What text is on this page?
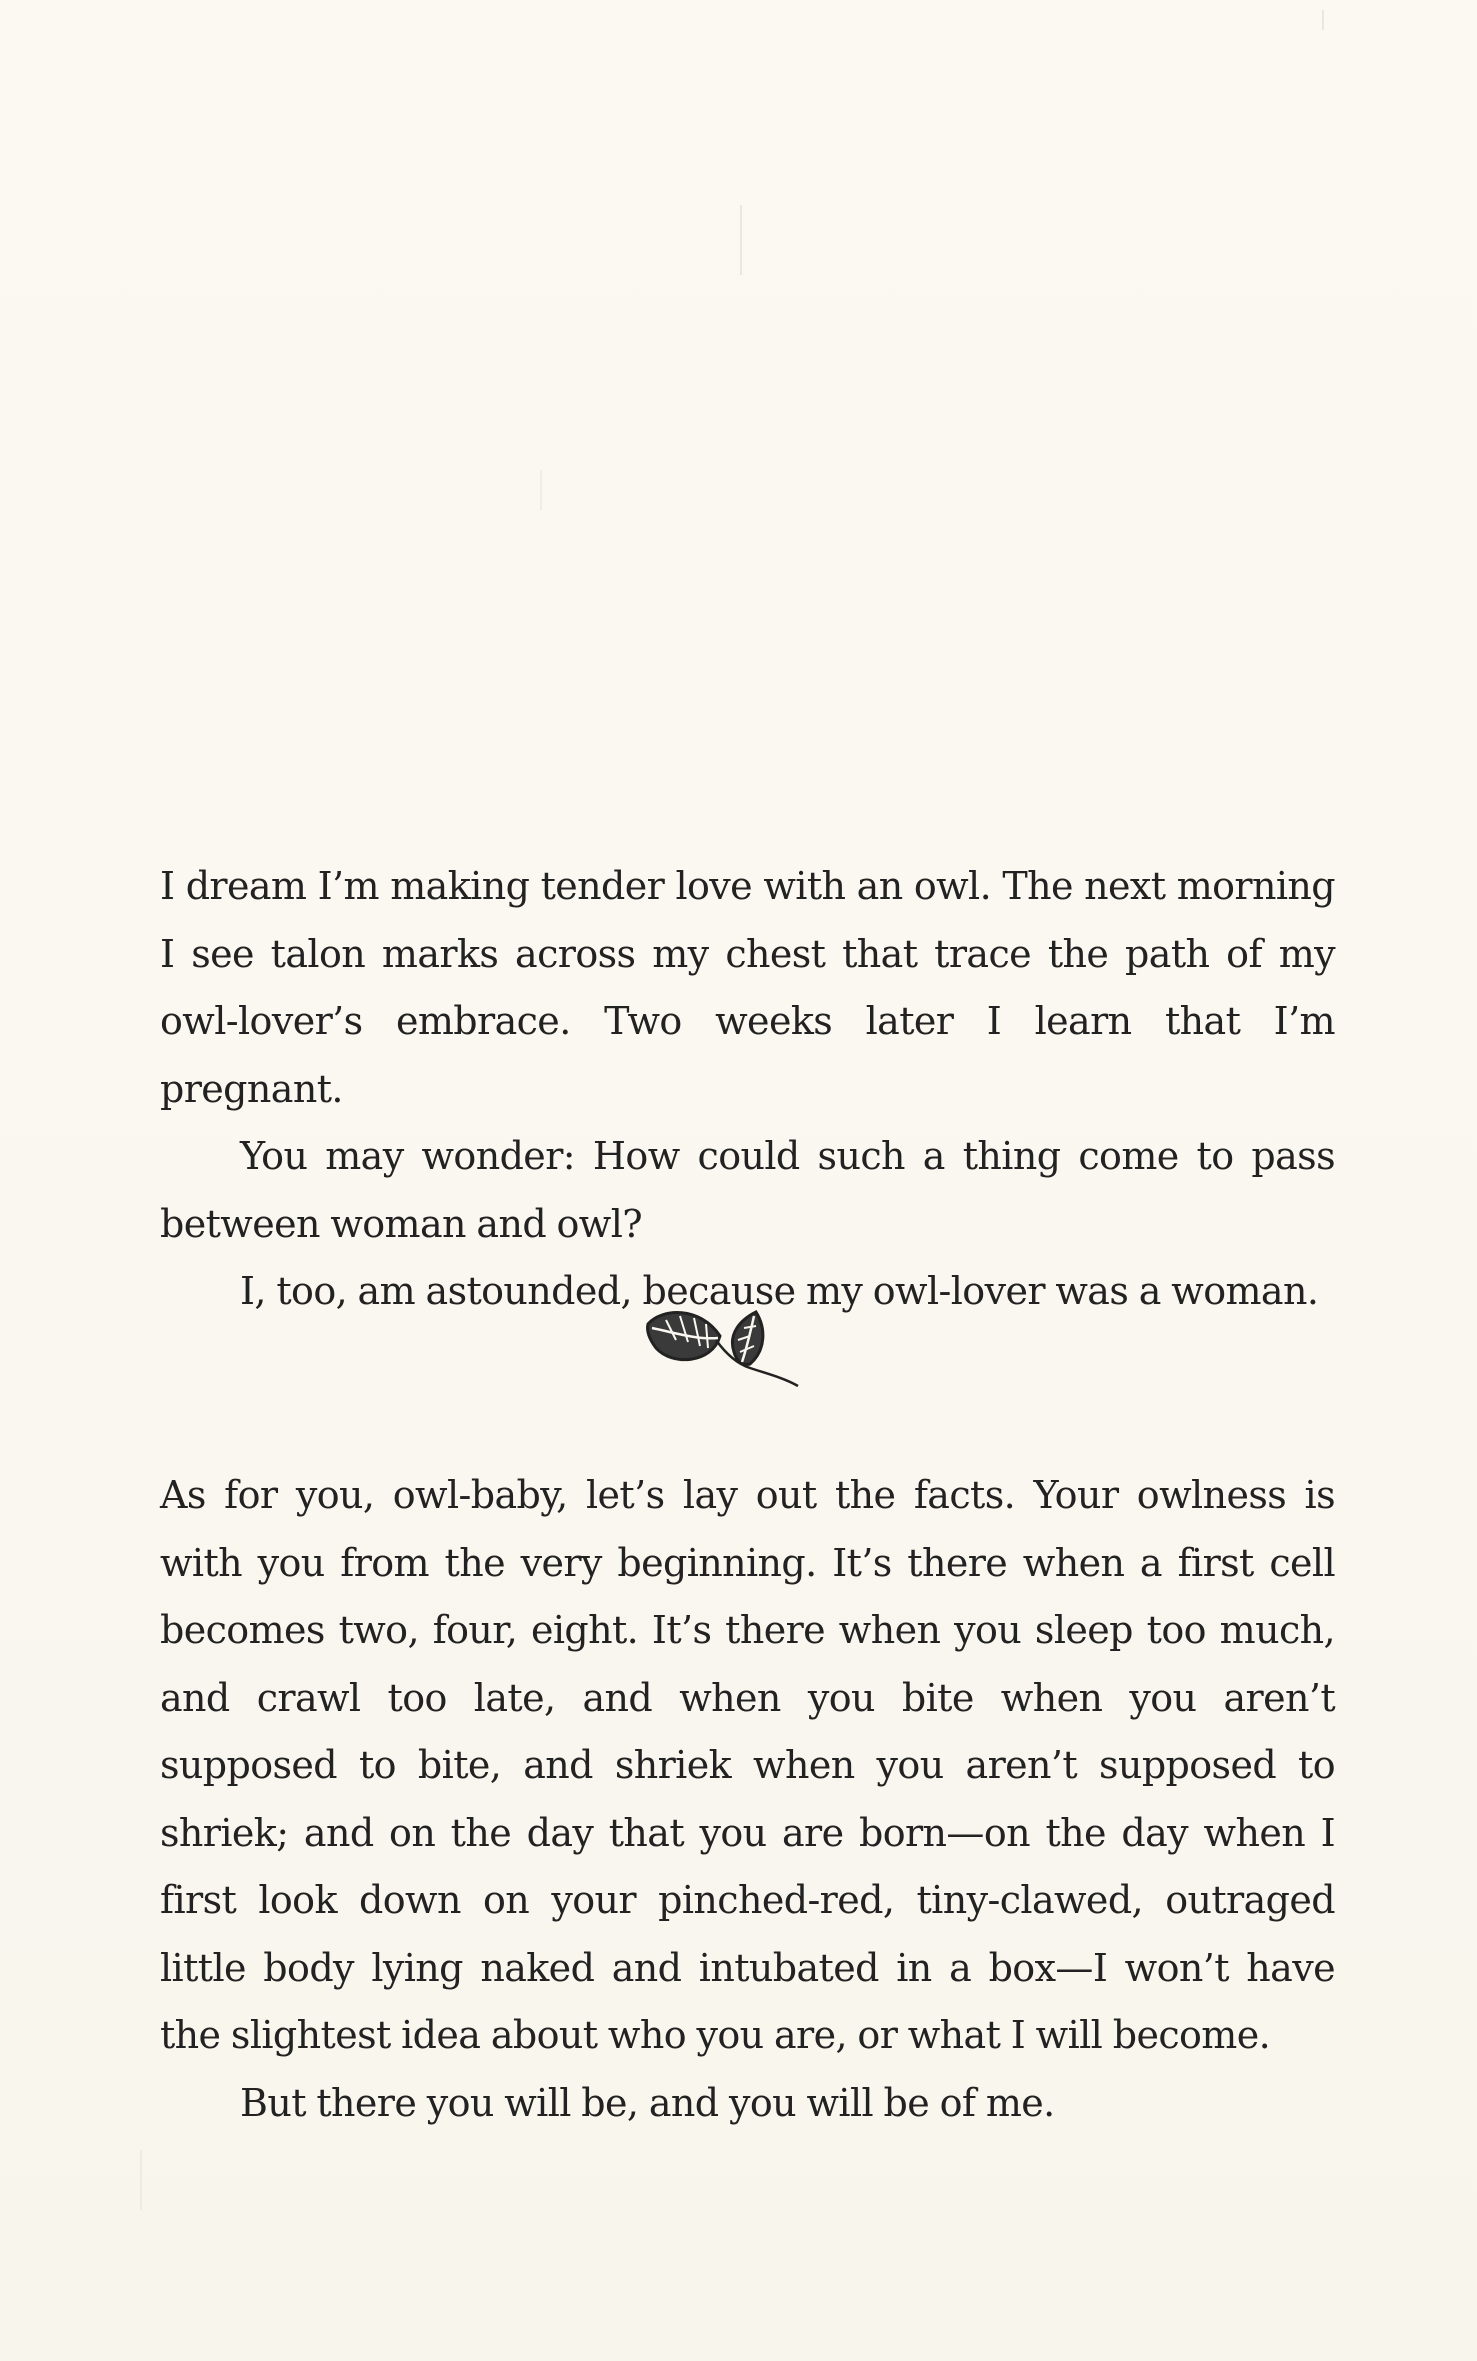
I dream I’m making tender love with an owl. The next morning I see talon marks across my chest that trace the path of my owl-lover’s embrace. Two weeks later I learn that I’m pregnant.

You may wonder: How could such a thing come to pass between woman and owl?

I, too, am astounded, because my owl-lover was a woman.

As for you, owl-baby, let’s lay out the facts. Your owlness is with you from the very beginning. It’s there when a first cell becomes two, four, eight. It’s there when you sleep too much, and crawl too late, and when you bite when you aren’t supposed to bite, and shriek when you aren’t supposed to shriek; and on the day that you are born—on the day when I first look down on your pinched-red, tiny-clawed, outraged little body lying naked and intubated in a box—I won’t have the slightest idea about who you are, or what I will become.

But there you will be, and you will be of me.
